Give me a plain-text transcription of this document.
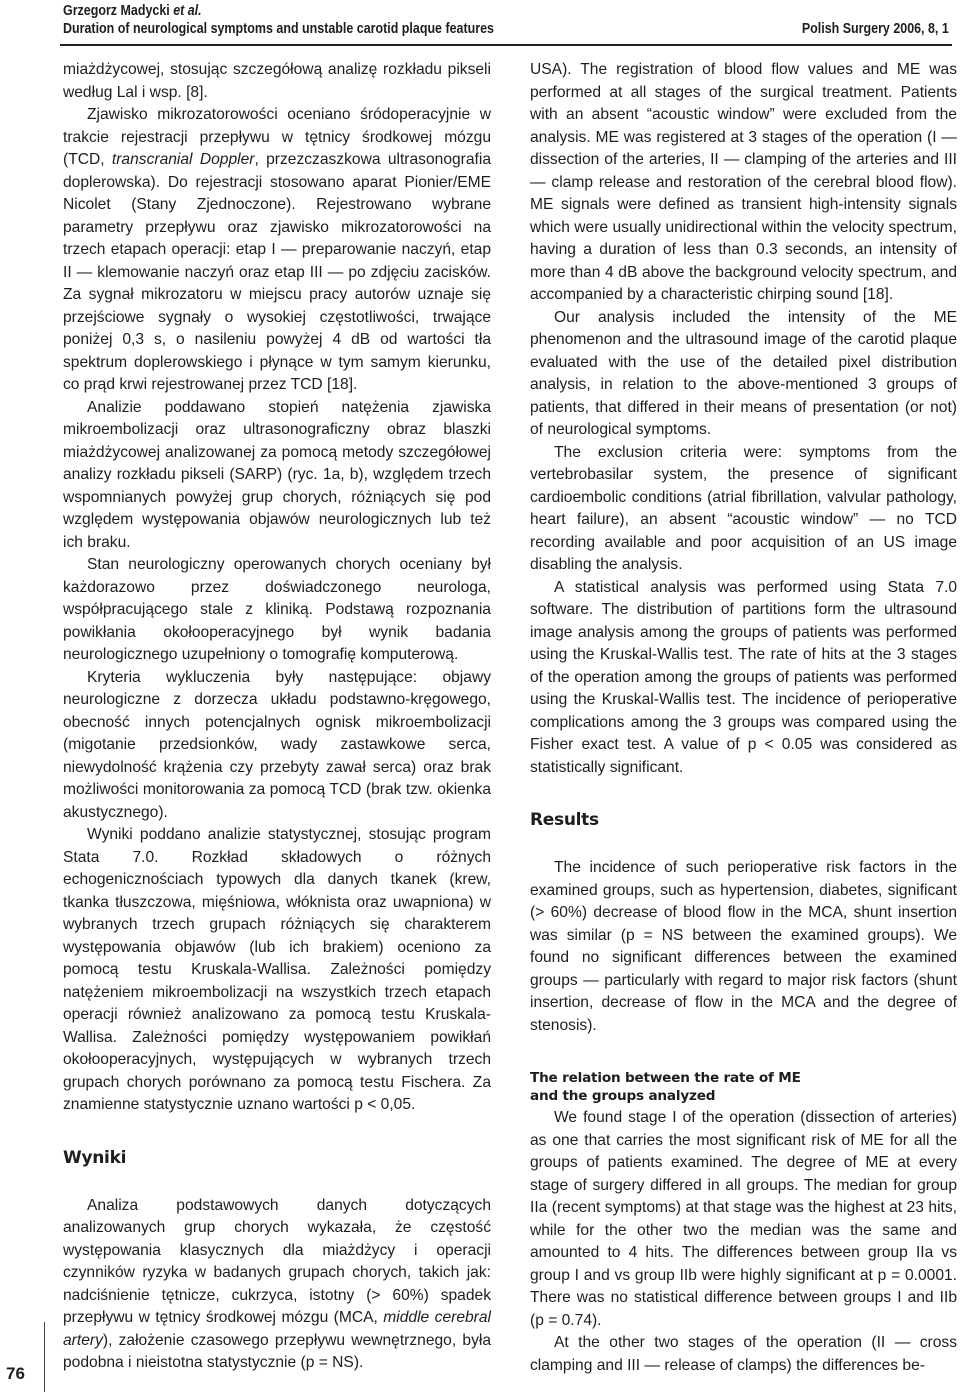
Grzegorz Madycki et al.
Duration of neurological symptoms and unstable carotid plaque features	Polish Surgery 2006, 8, 1
76

miażdżycowej, stosując szczegółową analizę rozkładu pikseli według Lal i wsp. [8].

Zjawisko mikrozatorowości oceniano śródoperacyjnie w trakcie rejestracji przepływu w tętnicy środkowej mózgu (TCD, transcranial Doppler, przezczaszkowa ultrasonografia doplerowska). Do rejestracji stosowano aparat Pionier/EME Nicolet (Stany Zjednoczone). Rejestrowano wybrane parametry przepływu oraz zjawisko mikrozatorowości na trzech etapach operacji: etap I — preparowanie naczyń, etap II — klemowanie naczyń oraz etap III — po zdjęciu zacisków. Za sygnał mikrozatoru w miejscu pracy autorów uznaje się przejściowe sygnały o wysokiej częstotliwości, trwające poniżej 0,3 s, o nasileniu powyżej 4 dB od wartości tła spektrum doplerowskiego i płynące w tym samym kierunku, co prąd krwi rejestrowanej przez TCD [18].

Analizie poddawano stopień natężenia zjawiska mikroembolizacji oraz ultrasonograficzny obraz blaszki miażdżycowej analizowanej za pomocą metody szczegółowej analizy rozkładu pikseli (SARP) (ryc. 1a, b), względem trzech wspomnianych powyżej grup chorych, różniących się pod względem występowania objawów neurologicznych lub też ich braku.

Stan neurologiczny operowanych chorych oceniany był każdorazowo przez doświadczonego neurologa, współpracującego stale z kliniką. Podstawą rozpoznania powikłania okołooperacyjnego był wynik badania neurologicznego uzupełniony o tomografię komputerową.

Kryteria wykluczenia były następujące: objawy neurologiczne z dorzecza układu podstawno-kręgowego, obecność innych potencjalnych ognisk mikroembolizacji (migotanie przedsionków, wady zastawkowe serca, niewydolność krążenia czy przebyty zawał serca) oraz brak możliwości monitorowania za pomocą TCD (brak tzw. okienka akustycznego).

Wyniki poddano analizie statystycznej, stosując program Stata 7.0. Rozkład składowych o różnych echogenicznościach typowych dla danych tkanek (krew, tkanka tłuszczowa, mięśniowa, włóknista oraz uwapniona) w wybranych trzech grupach różniących się charakterem występowania objawów (lub ich brakiem) oceniono za pomocą testu Kruskala-Wallisa. Zależności pomiędzy natężeniem mikroembolizacji na wszystkich trzech etapach operacji również analizowano za pomocą testu Kruskala-Wallisa. Zależności pomiędzy występowaniem powikłań okołooperacyjnych, występujących w wybranych trzech grupach chorych porównano za pomocą testu Fischera. Za znamienne statystycznie uznano wartości p < 0,05.

Wyniki

Analiza podstawowych danych dotyczących analizowanych grup chorych wykazała, że częstość występowania klasycznych dla miażdżycy i operacji czynników ryzyka w badanych grupach chorych, takich jak: nadciśnienie tętnicze, cukrzyca, istotny (> 60%) spadek przepływu w tętnicy środkowej mózgu (MCA, middle cerebral artery), założenie czasowego przepływu wewnętrznego, była podobna i nieistotna statystycznie (p = NS).

USA). The registration of blood flow values and ME was performed at all stages of the surgical treatment. Patients with an absent “acoustic window” were excluded from the analysis. ME was registered at 3 stages of the operation (I — dissection of the arteries, II — clamping of the arteries and III — clamp release and restoration of the cerebral blood flow). ME signals were defined as transient high-intensity signals which were usually unidirectional within the velocity spectrum, having a duration of less than 0.3 seconds, an intensity of more than 4 dB above the background velocity spectrum, and accompanied by a characteristic chirping sound [18].

Our analysis included the intensity of the ME phenomenon and the ultrasound image of the carotid plaque evaluated with the use of the detailed pixel distribution analysis, in relation to the above-mentioned 3 groups of patients, that differed in their means of presentation (or not) of neurological symptoms.

The exclusion criteria were: symptoms from the vertebrobasilar system, the presence of significant cardioembolic conditions (atrial fibrillation, valvular pathology, heart failure), an absent “acoustic window” — no TCD recording available and poor acquisition of an US image disabling the analysis.

A statistical analysis was performed using Stata 7.0 software. The distribution of partitions form the ultrasound image analysis among the groups of patients was performed using the Kruskal-Wallis test. The rate of hits at the 3 stages of the operation among the groups of patients was performed using the Kruskal-Wallis test. The incidence of perioperative complications among the 3 groups was compared using the Fisher exact test. A value of p < 0.05 was considered as statistically significant.

Results

The incidence of such perioperative risk factors in the examined groups, such as hypertension, diabetes, significant (> 60%) decrease of blood flow in the MCA, shunt insertion was similar (p = NS between the examined groups). We found no significant differences between the examined groups — particularly with regard to major risk factors (shunt insertion, decrease of flow in the MCA and the degree of stenosis).

The relation between the rate of ME
and the groups analyzed

We found stage I of the operation (dissection of arteries) as one that carries the most significant risk of ME for all the groups of patients examined. The degree of ME at every stage of surgery differed in all groups. The median for group IIa (recent symptoms) at that stage was the highest at 23 hits, while for the other two the median was the same and amounted to 4 hits. The differences between group IIa vs group I and vs group IIb were highly significant at p = 0.0001. There was no statistical difference between groups I and IIb (p = 0.74).

At the other two stages of the operation (II — cross clamping and III — release of clamps) the differences be-
